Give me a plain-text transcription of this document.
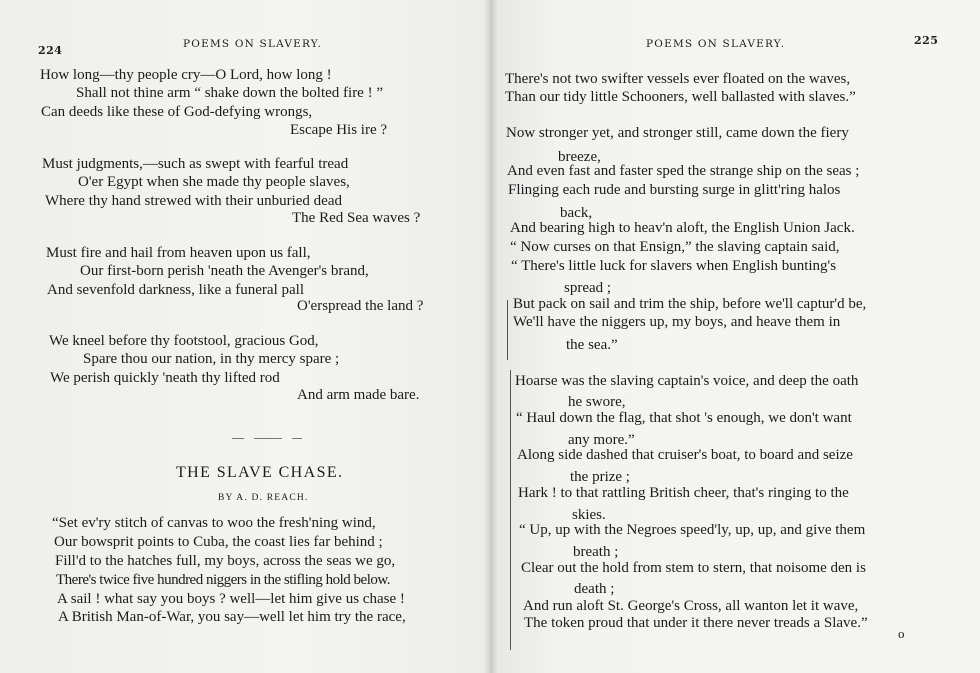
224	POEMS ON SLAVERY.
How long—thy people cry—O Lord, how long !
Shall not thine arm “ shake down the bolted fire ! ”
Can deeds like these of God-defying wrongs,
Escape His ire ?
Must judgments,—such as swept with fearful tread
O'er Egypt when she made thy people slaves,
Where thy hand strewed with their unburied dead
The Red Sea waves ?
Must fire and hail from heaven upon us fall,
Our first-born perish 'neath the Avenger's brand,
And sevenfold darkness, like a funeral pall
O'erspread the land ?
We kneel before thy footstool, gracious God,
Spare thou our nation, in thy mercy spare ;
We perish quickly 'neath thy lifted rod
And arm made bare.
THE SLAVE CHASE.
BY A. D. REACH.
“Set ev'ry stitch of canvas to woo the fresh'ning wind,
Our bowsprit points to Cuba, the coast lies far behind ;
Fill'd to the hatches full, my boys, across the seas we go,
There's twice five hundred niggers in the stifling hold below.
A sail ! what say you boys ? well—let him give us chase !
A British Man-of-War, you say—well let him try the race,
POEMS ON SLAVERY.	225
There's not two swifter vessels ever floated on the waves,
Than our tidy little Schooners, well ballasted with slaves.”
Now stronger yet, and stronger still, came down the fiery
breeze,
And even fast and faster sped the strange ship on the seas ;
Flinging each rude and bursting surge in glitt'ring halos
back,
And bearing high to heav'n aloft, the English Union Jack.
“ Now curses on that Ensign,” the slaving captain said,
“ There's little luck for slavers when English bunting's
spread ;
But pack on sail and trim the ship, before we'll captur'd be,
We'll have the niggers up, my boys, and heave them in
the sea.”
Hoarse was the slaving captain's voice, and deep the oath
he swore,
“ Haul down the flag, that shot 's enough, we don't want
any more.”
Along side dashed that cruiser's boat, to board and seize
the prize ;
Hark ! to that rattling British cheer, that's ringing to the
skies.
“ Up, up with the Negroes speed'ly, up, up, and give them
breath ;
Clear out the hold from stem to stern, that noisome den is
death ;
And run aloft St. George's Cross, all wanton let it wave,
The token proud that under it there never treads a Slave.”
o
